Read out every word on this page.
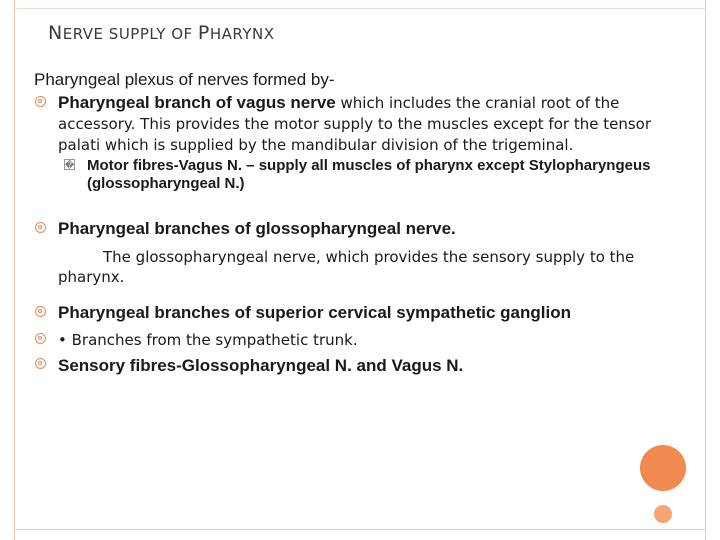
NERVE SUPPLY OF PHARYNX
Pharyngeal plexus of nerves formed by-
Pharyngeal branch of vagus nerve which includes the cranial root of the accessory. This provides the motor supply to the muscles except for the tensor palati which is supplied by the mandibular division of the trigeminal.
� Motor fibres-Vagus N. – supply all muscles of pharynx except Stylopharyngeus (glossopharyngeal N.)
Pharyngeal branches of glossopharyngeal nerve.
The glossopharyngeal nerve, which provides the sensory supply to the pharynx.
Pharyngeal branches of superior cervical sympathetic ganglion
• Branches from the sympathetic trunk.
Sensory fibres-Glossopharyngeal N. and Vagus N.
